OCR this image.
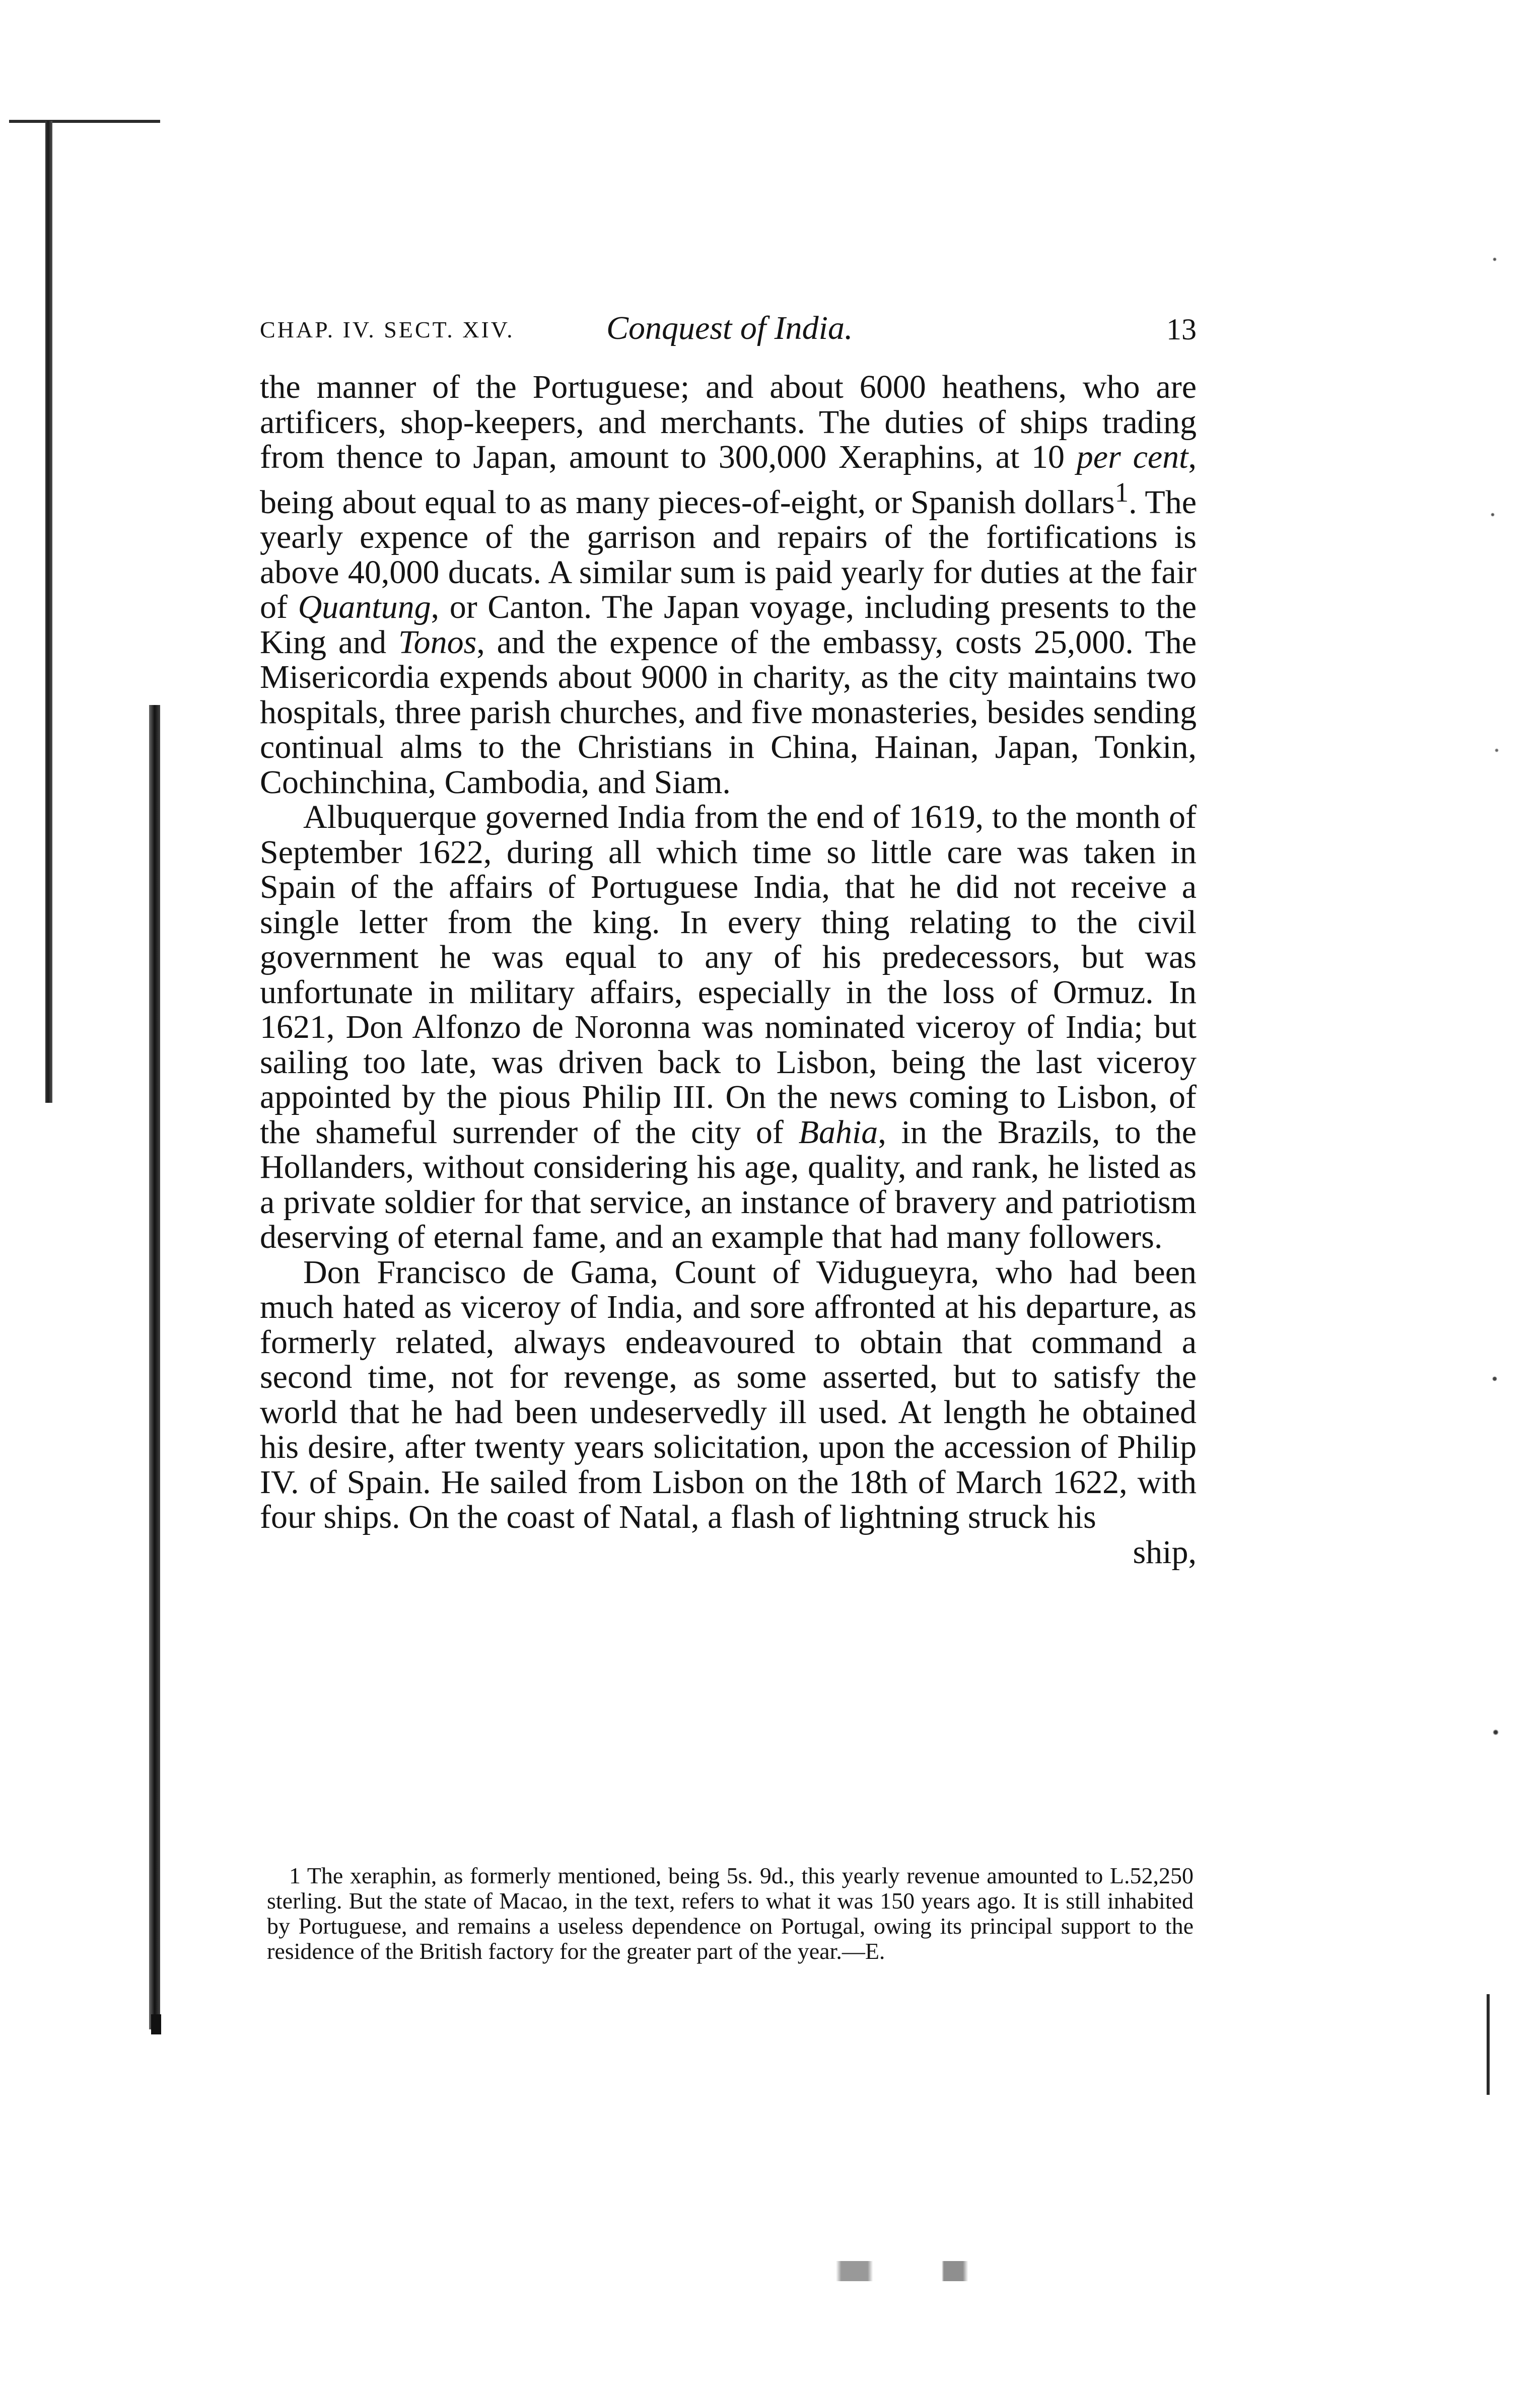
CHAP. IV. SECT. XIV.	Conquest of India.	13

the manner of the Portuguese; and about 6000 heathens, who are artificers, shop-keepers, and merchants. The duties of ships trading from thence to Japan, amount to 300,000 Xeraphins, at 10 per cent, being about equal to as many pieces-of-eight, or Spanish dollars$^1$. The yearly expence of the garrison and repairs of the fortifications is above 40,000 ducats. A similar sum is paid yearly for duties at the fair of Quantung, or Canton. The Japan voyage, including presents to the King and Tonos, and the expence of the embassy, costs 25,000. The Misericordia expends about 9000 in charity, as the city maintains two hospitals, three parish churches, and five monasteries, besides sending continual alms to the Christians in China, Hainan, Japan, Tonkin, Cochinchina, Cambodia, and Siam.

Albuquerque governed India from the end of 1619, to the month of September 1622, during all which time so little care was taken in Spain of the affairs of Portuguese India, that he did not receive a single letter from the king. In every thing relating to the civil government he was equal to any of his predecessors, but was unfortunate in military affairs, especially in the loss of Ormuz. In 1621, Don Alfonzo de Noronna was nominated viceroy of India; but sailing too late, was driven back to Lisbon, being the last viceroy appointed by the pious Philip III. On the news coming to Lisbon, of the shameful surrender of the city of Bahia, in the Brazils, to the Hollanders, without considering his age, quality, and rank, he listed as a private soldier for that service, an instance of bravery and patriotism deserving of eternal fame, and an example that had many followers.

Don Francisco de Gama, Count of Vidugueyra, who had been much hated as viceroy of India, and sore affronted at his departure, as formerly related, always endeavoured to obtain that command a second time, not for revenge, as some asserted, but to satisfy the world that he had been undeservedly ill used. At length he obtained his desire, after twenty years solicitation, upon the accession of Philip IV. of Spain. He sailed from Lisbon on the 18th of March 1622, with four ships. On the coast of Natal, a flash of lightning struck his

ship,

1 The xeraphin, as formerly mentioned, being 5s. 9d., this yearly revenue amounted to L.52,250 sterling. But the state of Macao, in the text, refers to what it was 150 years ago. It is still inhabited by Portuguese, and remains a useless dependence on Portugal, owing its principal support to the residence of the British factory for the greater part of the year.—E.
